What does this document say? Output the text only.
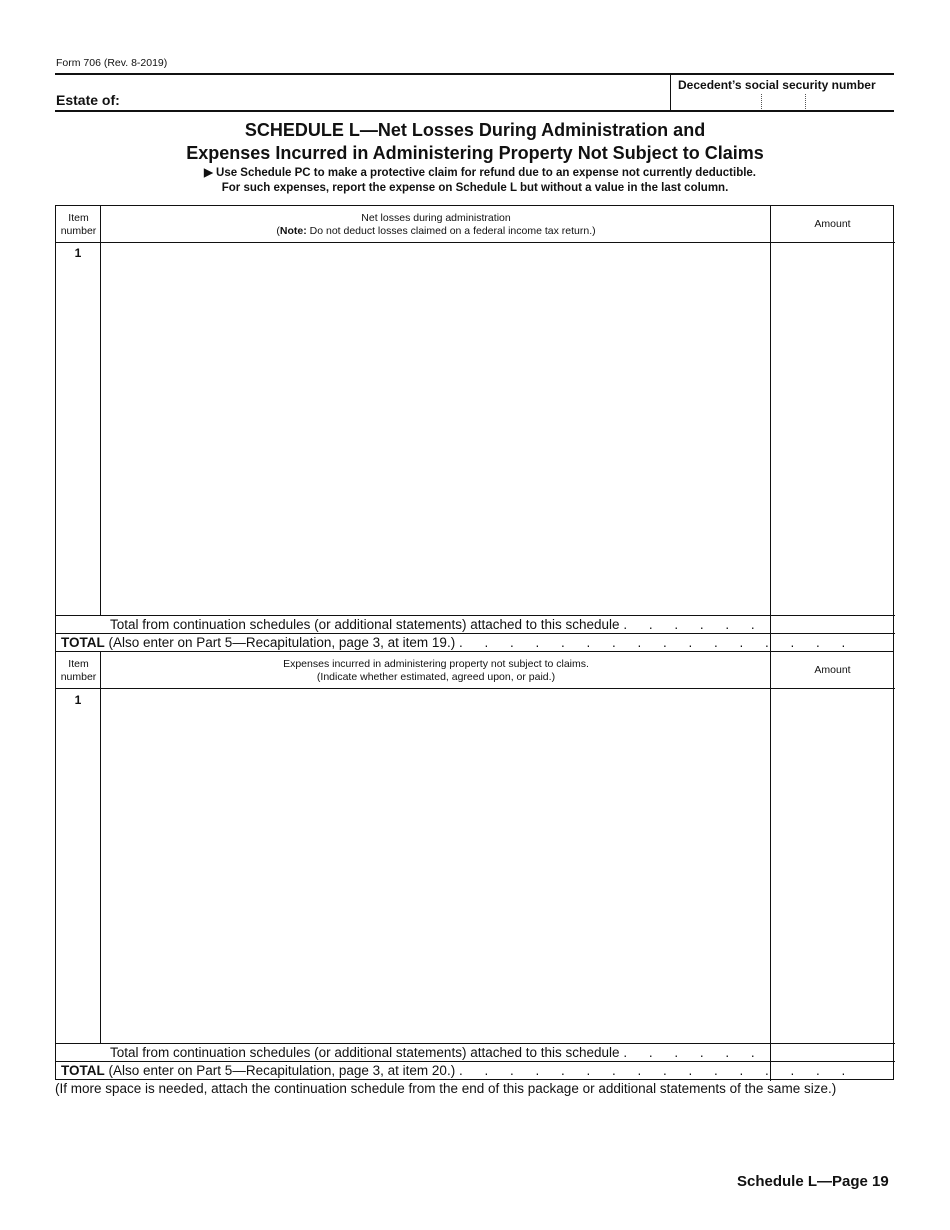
Form 706 (Rev. 8-2019)
Estate of:
Decedent’s social security number
SCHEDULE L—Net Losses During Administration and
Expenses Incurred in Administering Property Not Subject to Claims
▶ Use Schedule PC to make a protective claim for refund due to an expense not currently deductible.
For such expenses, report the expense on Schedule L but without a value in the last column.
Item
number
Net losses during administration
(Note: Do not deduct losses claimed on a federal income tax return.)
Amount
1
Total from continuation schedules (or additional statements) attached to this schedule . . . . . .
TOTAL (Also enter on Part 5—Recapitulation, page 3, at item 19.) . . . . . . . . . . . . . . . .
Item
number
Expenses incurred in administering property not subject to claims.
(Indicate whether estimated, agreed upon, or paid.)
Amount
1
Total from continuation schedules (or additional statements) attached to this schedule . . . . . .
TOTAL (Also enter on Part 5—Recapitulation, page 3, at item 20.) . . . . . . . . . . . . . . . .
(If more space is needed, attach the continuation schedule from the end of this package or additional statements of the same size.)
Schedule L—Page 19
